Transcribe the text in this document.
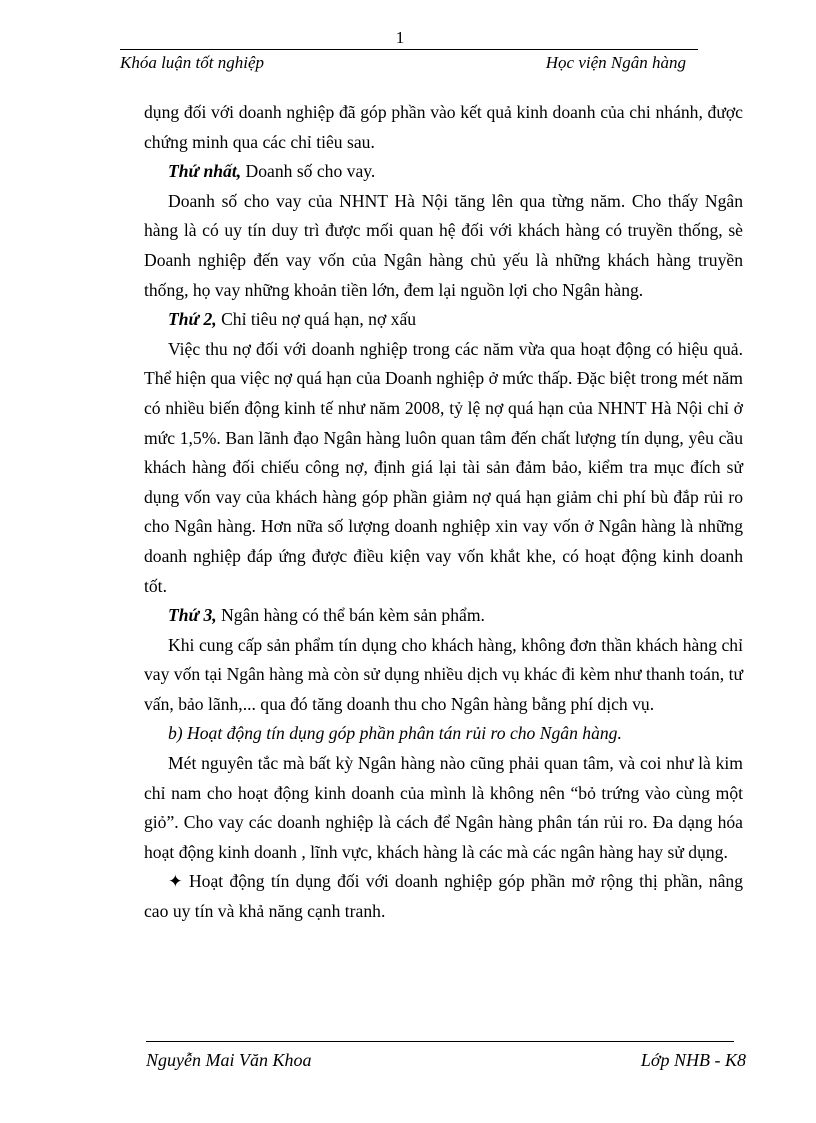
1
Khóa luận tốt nghiệp	Học viện Ngân hàng

dụng đối với doanh nghiệp đã góp phần vào kết quả kinh doanh của chi nhánh, được chứng minh qua các chỉ tiêu sau.

Thứ nhất, Doanh số cho vay.

Doanh số cho vay của NHNT Hà Nội tăng lên qua từng năm. Cho thấy Ngân hàng là có uy tín duy trì được mối quan hệ đối với khách hàng có truyền thống, sè Doanh nghiệp đến vay vốn của Ngân hàng chủ yếu là những khách hàng truyền thống, họ vay những khoản tiền lớn, đem lại nguồn lợi cho Ngân hàng.

Thứ 2, Chỉ tiêu nợ quá hạn, nợ xấu

Việc thu nợ đối với doanh nghiệp trong các năm vừa qua hoạt động có hiệu quả. Thể hiện qua việc nợ quá hạn của Doanh nghiệp ở mức thấp. Đặc biệt trong mét năm có nhiều biến động kinh tế như năm 2008, tỷ lệ nợ quá hạn của NHNT Hà Nội chỉ ở mức 1,5%. Ban lãnh đạo Ngân hàng luôn quan tâm đến chất lượng tín dụng, yêu cầu khách hàng đối chiếu công nợ, định giá lại tài sản đảm bảo, kiểm tra mục đích sử dụng vốn vay của khách hàng góp phần giảm nợ quá hạn giảm chi phí bù đắp rủi ro cho Ngân hàng. Hơn nữa số lượng doanh nghiệp xin vay vốn ở Ngân hàng là những doanh nghiệp đáp ứng được điều kiện vay vốn khắt khe, có hoạt động kinh doanh tốt.

Thứ 3, Ngân hàng có thể bán kèm sản phẩm.

Khi cung cấp sản phẩm tín dụng cho khách hàng, không đơn thần khách hàng chỉ vay vốn tại Ngân hàng mà còn sử dụng nhiều dịch vụ khác đi kèm như thanh toán, tư vấn, bảo lãnh,... qua đó tăng doanh thu cho Ngân hàng bằng phí dịch vụ.

b) Hoạt động tín dụng góp phần phân tán rủi ro cho Ngân hàng.

Mét nguyên tắc mà bất kỳ Ngân hàng nào cũng phải quan tâm, và coi như là kim chỉ nam cho hoạt động kinh doanh của mình là không nên “bỏ trứng vào cùng một giỏ”. Cho vay các doanh nghiệp là cách để Ngân hàng phân tán rủi ro. Đa dạng hóa hoạt động kinh doanh , lĩnh vực, khách hàng là các mà các ngân hàng hay sử dụng.

✦ Hoạt động tín dụng đối với doanh nghiệp góp phần mở rộng thị phần, nâng cao uy tín và khả năng cạnh tranh.

Nguyễn Mai Văn Khoa	Lớp NHB - K8
